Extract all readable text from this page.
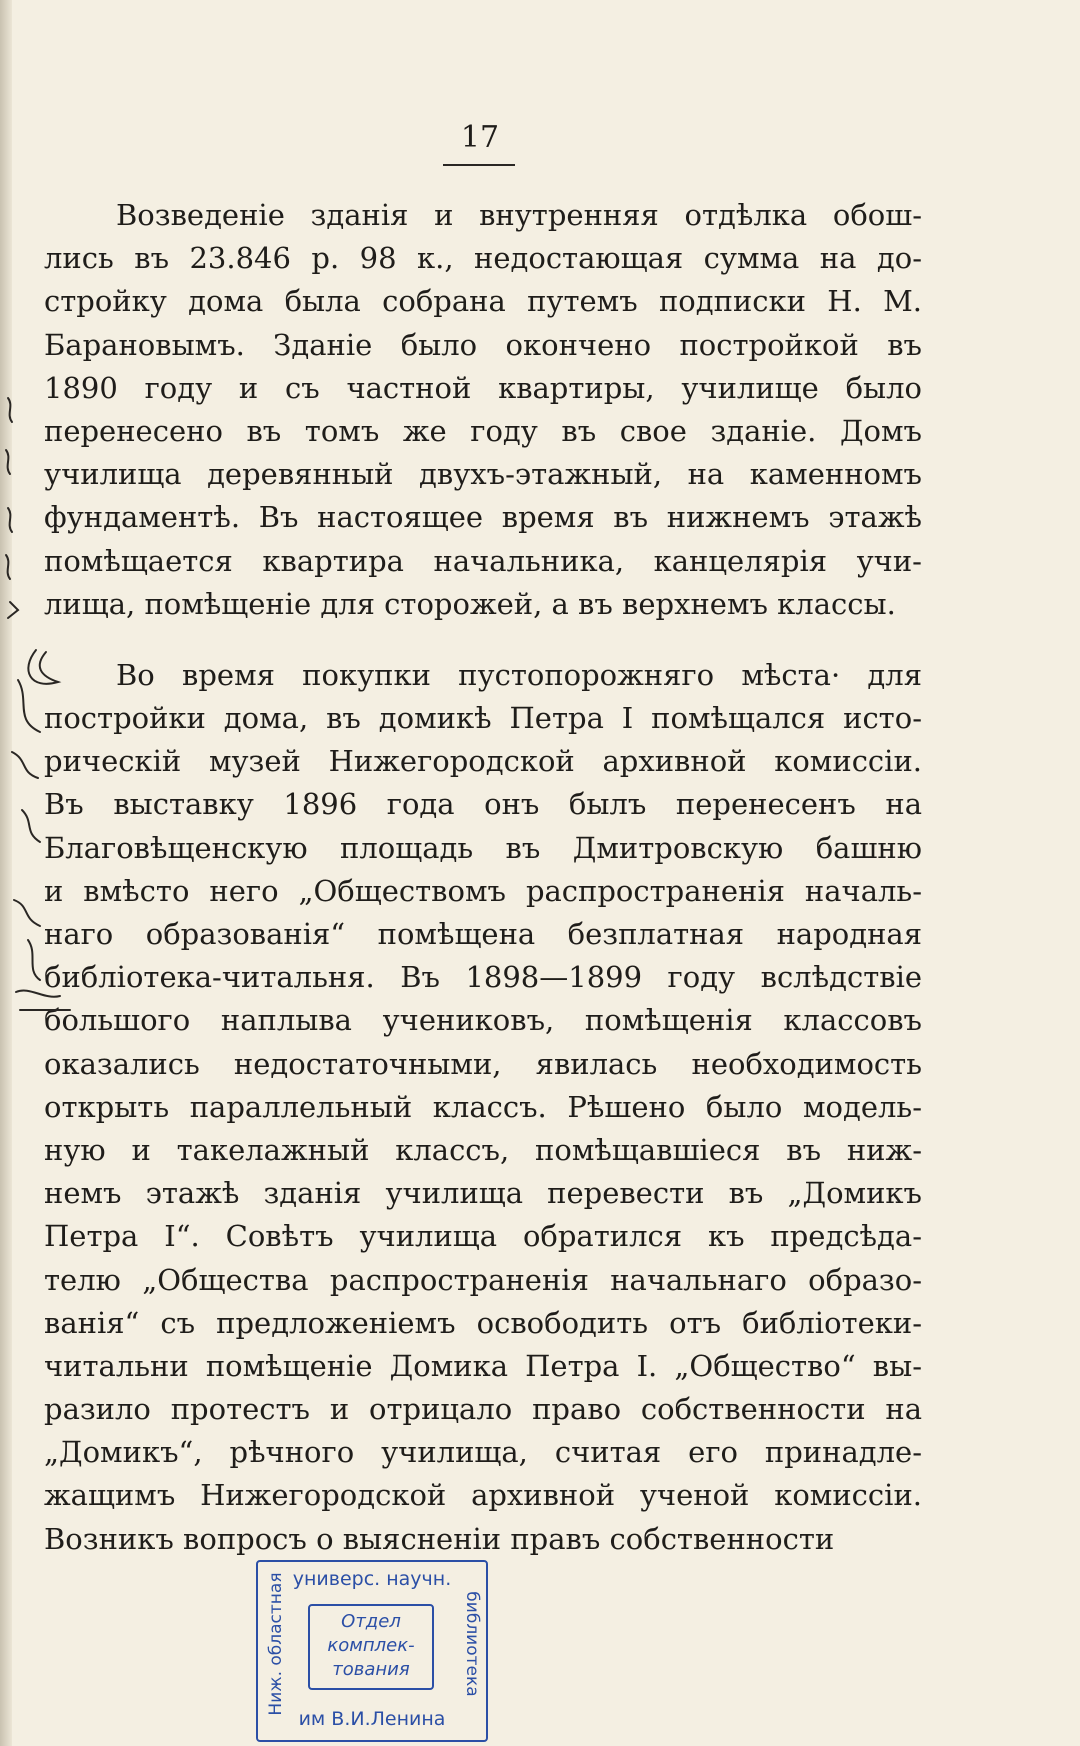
17

Возведеніе зданія и внутренняя отдѣлка обош-
лись въ 23.846 р. 98 к., недостающая сумма на до-
стройку дома была собрана путемъ подписки Н. М.
Барановымъ. Зданіе было окончено постройкой въ
1890 году и съ частной квартиры, училище было
перенесено въ томъ же году въ свое зданіе. Домъ
училища деревянный двухъ-этажный, на каменномъ
фундаментѣ. Въ настоящее время въ нижнемъ этажѣ
помѣщается квартира начальника, канцелярія учи-
лища, помѣщеніе для сторожей, а въ верхнемъ классы.

Во время покупки пустопорожняго мѣста· для
постройки дома, въ домикѣ Петра I помѣщался исто-
рическій музей Нижегородской архивной комиссіи.
Въ выставку 1896 года онъ былъ перенесенъ на
Благовѣщенскую площадь въ Дмитровскую башню
и вмѣсто него „Обществомъ распространенія началь-
наго образованія“ помѣщена безплатная народная
библіотека-читальня. Въ 1898—1899 году вслѣдствіе
большого наплыва учениковъ, помѣщенія классовъ
оказались недостаточными, явилась необходимость
открыть параллельный классъ. Рѣшено было модель-
ную и такелажный классъ, помѣщавшіеся въ ниж-
немъ этажѣ зданія училища перевести въ „Домикъ
Петра I“. Совѣтъ училища обратился къ предсѣда-
телю „Общества распространенія начальнаго образо-
ванія“ съ предложеніемъ освободить отъ библіотеки-
читальни помѣщеніе Домика Петра I. „Общество“ вы-
разило протестъ и отрицало право собственности на
„Домикъ“, рѣчного училища, считая его принадле-
жащимъ Нижегородской архивной ученой комиссіи.
Возникъ вопросъ о выясненіи правъ собственности

универс. научн.
Ниж. областная	библиотека
Отдел
комплек-
тования
им В.И.Ленина
